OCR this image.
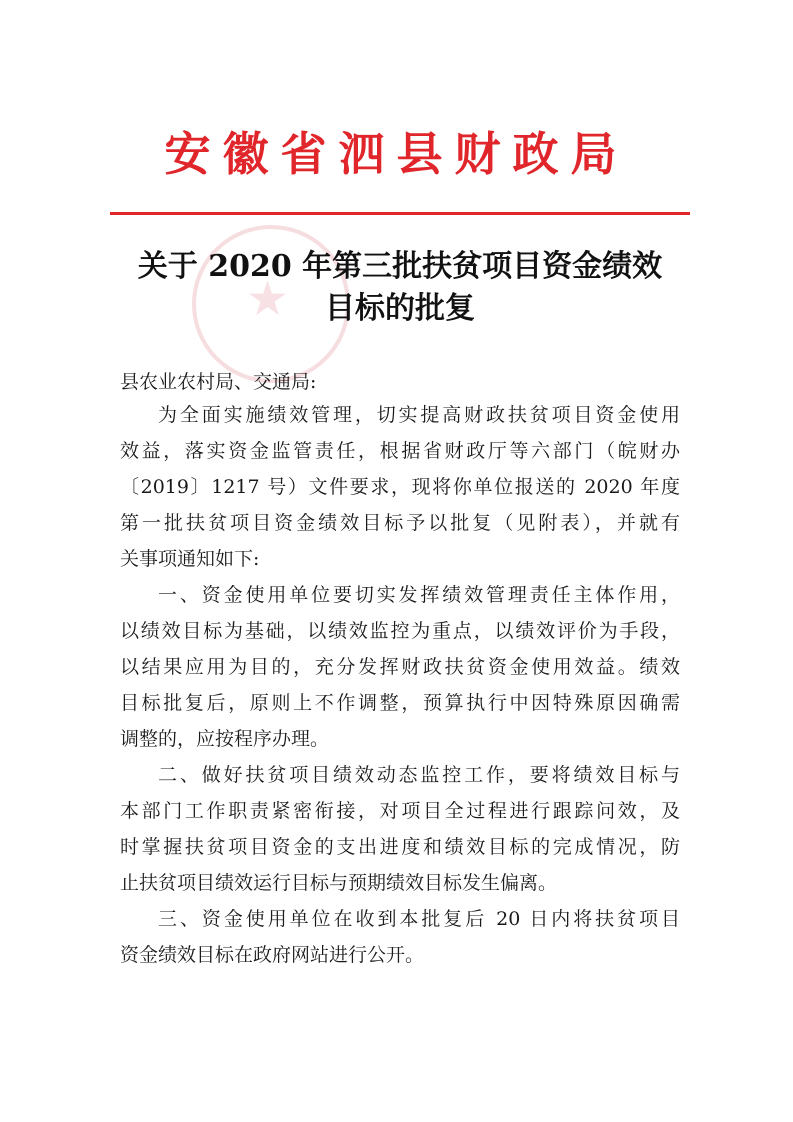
安徽省泗县财政局
★
关于 2020 年第三批扶贫项目资金绩效
目标的批复
县农业农村局、交通局:
为全面实施绩效管理，切实提高财政扶贫项目资金使用
效益，落实资金监管责任，根据省财政厅等六部门（皖财办
〔2019〕1217 号）文件要求，现将你单位报送的 2020 年度
第一批扶贫项目资金绩效目标予以批复（见附表），并就有
关事项通知如下:
一、资金使用单位要切实发挥绩效管理责任主体作用，
以绩效目标为基础，以绩效监控为重点，以绩效评价为手段，
以结果应用为目的，充分发挥财政扶贫资金使用效益。绩效
目标批复后，原则上不作调整，预算执行中因特殊原因确需
调整的，应按程序办理。
二、做好扶贫项目绩效动态监控工作，要将绩效目标与
本部门工作职责紧密衔接，对项目全过程进行跟踪问效，及
时掌握扶贫项目资金的支出进度和绩效目标的完成情况，防
止扶贫项目绩效运行目标与预期绩效目标发生偏离。
三、资金使用单位在收到本批复后 20 日内将扶贫项目
资金绩效目标在政府网站进行公开。
